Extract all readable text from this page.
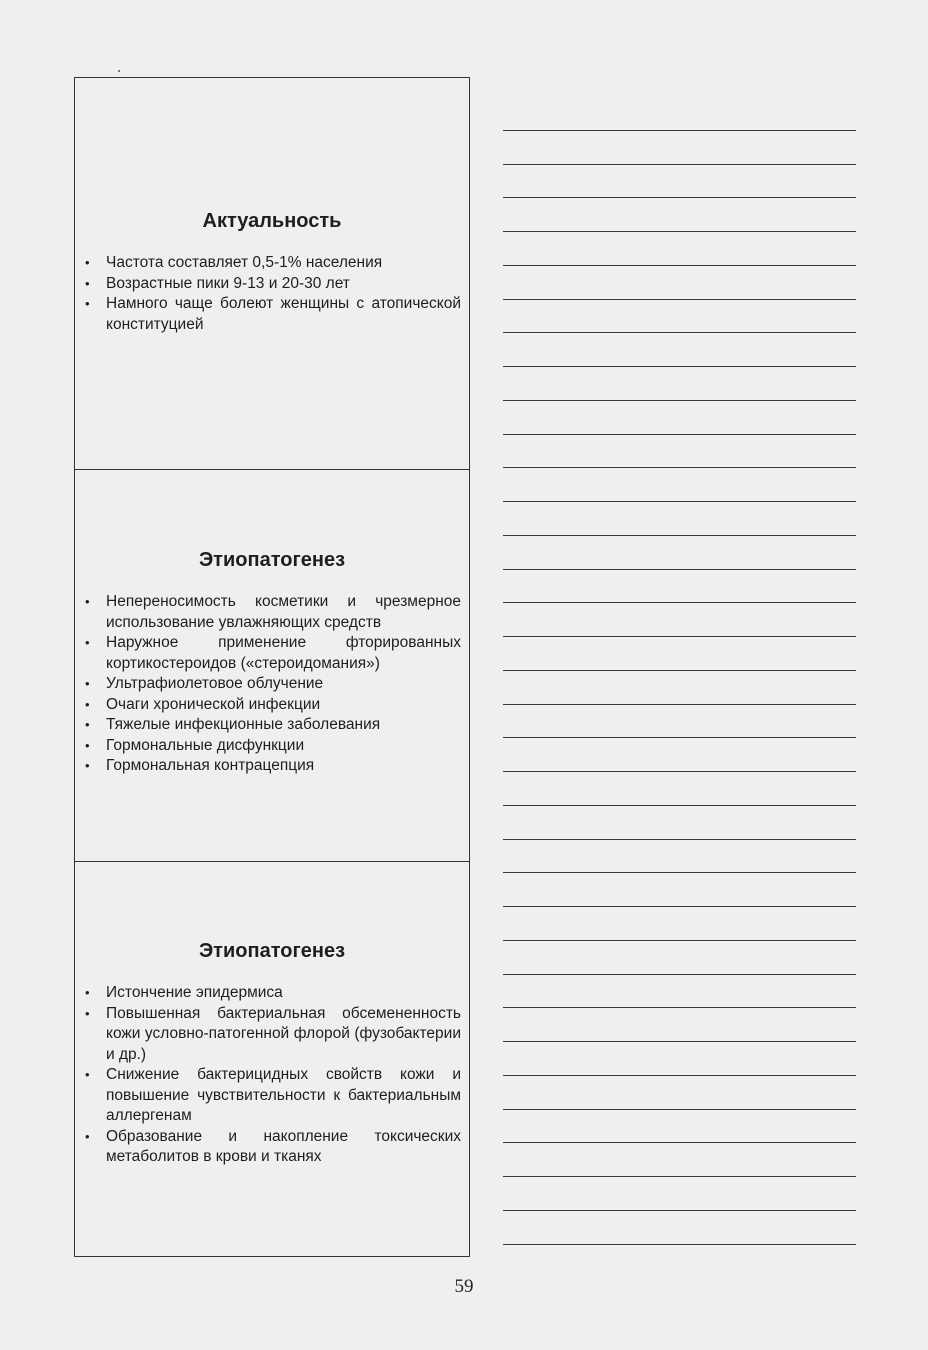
Актуальность
• Частота составляет 0,5-1% населения
• Возрастные пики 9-13 и 20-30 лет
• Намного чаще болеют женщины с атопической конституцией
Этиопатогенез
• Непереносимость косметики и чрезмерное использование увлажняющих средств
• Наружное применение фторированных кортикостероидов («стероидомания»)
• Ультрафиолетовое облучение
• Очаги хронической инфекции
• Тяжелые инфекционные заболевания
• Гормональные дисфункции
• Гормональная контрацепция
Этиопатогенез
• Истончение эпидермиса
• Повышенная бактериальная обсемененность кожи условно-патогенной флорой (фузобактерии и др.)
• Снижение бактерицидных свойств кожи и повышение чувствительности к бактериальным аллергенам
• Образование и накопление токсических метаболитов в крови и тканях
59
